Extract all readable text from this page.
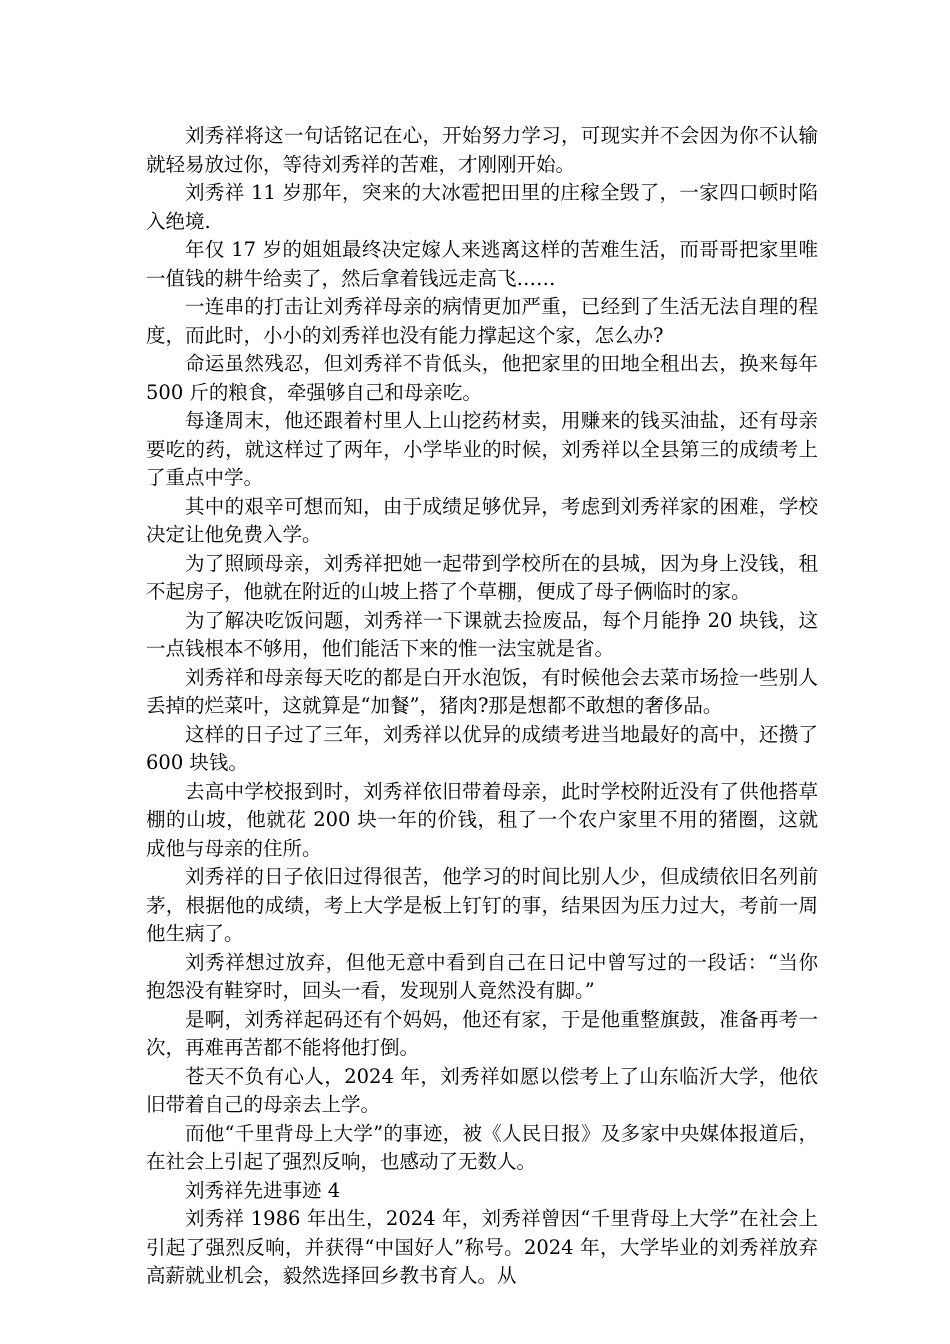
刘秀祥将这一句话铭记在心，开始努力学习，可现实并不会因为你不认输就轻易放过你，等待刘秀祥的苦难，才刚刚开始。

刘秀祥 11 岁那年，突来的大冰雹把田里的庄稼全毁了，一家四口顿时陷入绝境.

年仅 17 岁的姐姐最终决定嫁人来逃离这样的苦难生活，而哥哥把家里唯一值钱的耕牛给卖了，然后拿着钱远走高飞……

一连串的打击让刘秀祥母亲的病情更加严重，已经到了生活无法自理的程度，而此时，小小的刘秀祥也没有能力撑起这个家，怎么办?

命运虽然残忍，但刘秀祥不肯低头，他把家里的田地全租出去，换来每年 500 斤的粮食，牵强够自己和母亲吃。

每逢周末，他还跟着村里人上山挖药材卖，用赚来的钱买油盐，还有母亲要吃的药，就这样过了两年，小学毕业的时候，刘秀祥以全县第三的成绩考上了重点中学。

其中的艰辛可想而知，由于成绩足够优异，考虑到刘秀祥家的困难，学校决定让他免费入学。

为了照顾母亲，刘秀祥把她一起带到学校所在的县城，因为身上没钱，租不起房子，他就在附近的山坡上搭了个草棚，便成了母子俩临时的家。

为了解决吃饭问题，刘秀祥一下课就去捡废品，每个月能挣 20 块钱，这一点钱根本不够用，他们能活下来的惟一法宝就是省。

刘秀祥和母亲每天吃的都是白开水泡饭，有时候他会去菜市场捡一些别人丢掉的烂菜叶，这就算是“加餐”，猪肉?那是想都不敢想的奢侈品。

这样的日子过了三年，刘秀祥以优异的成绩考进当地最好的高中，还攒了 600 块钱。

去高中学校报到时，刘秀祥依旧带着母亲，此时学校附近没有了供他搭草棚的山坡，他就花 200 块一年的价钱，租了一个农户家里不用的猪圈，这就成他与母亲的住所。

刘秀祥的日子依旧过得很苦，他学习的时间比别人少，但成绩依旧名列前茅，根据他的成绩，考上大学是板上钉钉的事，结果因为压力过大，考前一周他生病了。

刘秀祥想过放弃，但他无意中看到自己在日记中曾写过的一段话：“当你抱怨没有鞋穿时，回头一看，发现别人竟然没有脚。”

是啊，刘秀祥起码还有个妈妈，他还有家，于是他重整旗鼓，准备再考一次，再难再苦都不能将他打倒。

苍天不负有心人，2024 年，刘秀祥如愿以偿考上了山东临沂大学，他依旧带着自己的母亲去上学。

而他“千里背母上大学”的事迹，被《人民日报》及多家中央媒体报道后，在社会上引起了强烈反响，也感动了无数人。

刘秀祥先进事迹 4

刘秀祥 1986 年出生，2024 年，刘秀祥曾因“千里背母上大学”在社会上引起了强烈反响，并获得“中国好人”称号。2024 年，大学毕业的刘秀祥放弃高薪就业机会，毅然选择回乡教书育人。从
